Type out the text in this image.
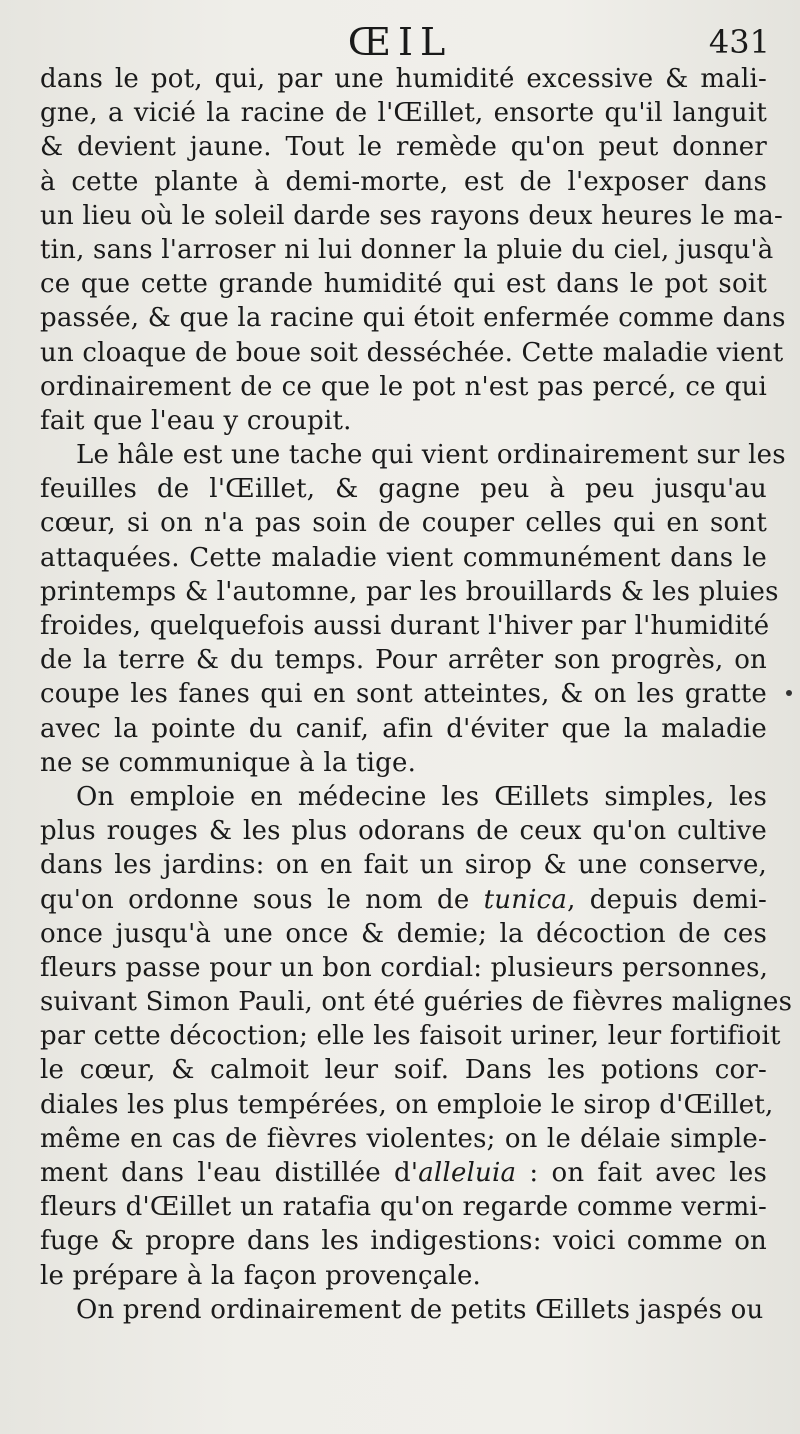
ŒIL	431
dans le pot, qui, par une humidité excessive & mali-
gne, a vicié la racine de l'Œillet, ensorte qu'il languit
& devient jaune. Tout le remède qu'on peut donner
à cette plante à demi-morte, est de l'exposer dans
un lieu où le soleil darde ses rayons deux heures le ma-
tin, sans l'arroser ni lui donner la pluie du ciel, jusqu'à
ce que cette grande humidité qui est dans le pot soit
passée, & que la racine qui étoit enfermée comme dans
un cloaque de boue soit desséchée. Cette maladie vient
ordinairement de ce que le pot n'est pas percé, ce qui
fait que l'eau y croupit.
Le hâle est une tache qui vient ordinairement sur les
feuilles de l'Œillet, & gagne peu à peu jusqu'au
cœur, si on n'a pas soin de couper celles qui en sont
attaquées. Cette maladie vient communément dans le
printemps & l'automne, par les brouillards & les pluies
froides, quelquefois aussi durant l'hiver par l'humidité
de la terre & du temps. Pour arrêter son progrès, on
coupe les fanes qui en sont atteintes, & on les gratte
avec la pointe du canif, afin d'éviter que la maladie
ne se communique à la tige.
On emploie en médecine les Œillets simples, les
plus rouges & les plus odorans de ceux qu'on cultive
dans les jardins: on en fait un sirop & une conserve,
qu'on ordonne sous le nom de tunica, depuis demi-
once jusqu'à une once & demie; la décoction de ces
fleurs passe pour un bon cordial: plusieurs personnes,
suivant Simon Pauli, ont été guéries de fièvres malignes
par cette décoction; elle les faisoit uriner, leur fortifioit
le cœur, & calmoit leur soif. Dans les potions cor-
diales les plus tempérées, on emploie le sirop d'Œillet,
même en cas de fièvres violentes; on le délaie simple-
ment dans l'eau distillée d'alleluia : on fait avec les
fleurs d'Œillet un ratafia qu'on regarde comme vermi-
fuge & propre dans les indigestions: voici comme on
le prépare à la façon provençale.
On prend ordinairement de petits Œillets jaspés ou
